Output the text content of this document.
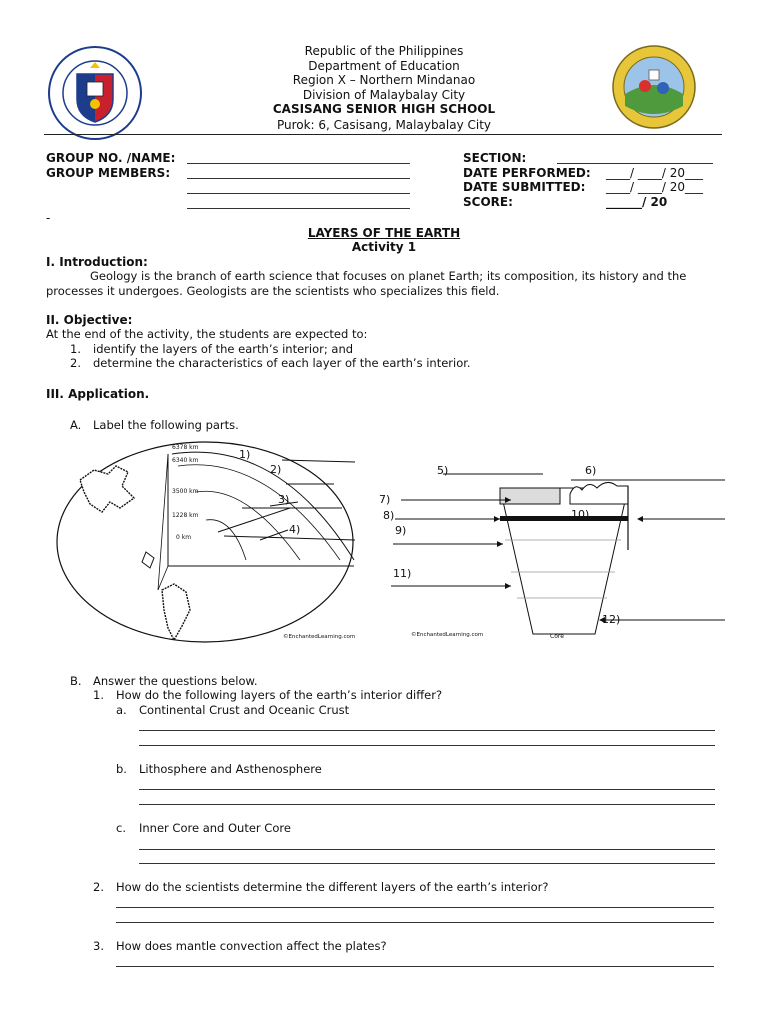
Republic of the Philippines
Department of Education
Region X – Northern Mindanao
Division of Malaybalay City
CASISANG SENIOR HIGH SCHOOL
Purok: 6, Casisang, Malaybalay City
GROUP NO. /NAME:
GROUP MEMBERS:
SECTION:
DATE PERFORMED: ____/ ____/ 20___
DATE SUBMITTED: ____/ ____/ 20___
SCORE:	______/ 20
-
LAYERS OF THE EARTH
Activity 1
I. Introduction:
Geology is the branch of earth science that focuses on planet Earth; its composition, its history and the
processes it undergoes. Geologists are the scientists who specializes this field.
II. Objective:
At the end of the activity, the students are expected to:
1. identify the layers of the earth’s interior; and
2. determine the characteristics of each layer of the earth’s interior.
III. Application.
A. Label the following parts.
6378 km
6340 km
3500 km
1228 km
0 km
1)
2)
3)
4)
©EnchantedLearning.com
5)	6)
7)
8)
9)
10)
11)
12)
Core
©EnchantedLearning.com
B. Answer the questions below.
1. How do the following layers of the earth’s interior differ?
a. Continental Crust and Oceanic Crust
b. Lithosphere and Asthenosphere
c. Inner Core and Outer Core
2. How do the scientists determine the different layers of the earth’s interior?
3. How does mantle convection affect the plates?
